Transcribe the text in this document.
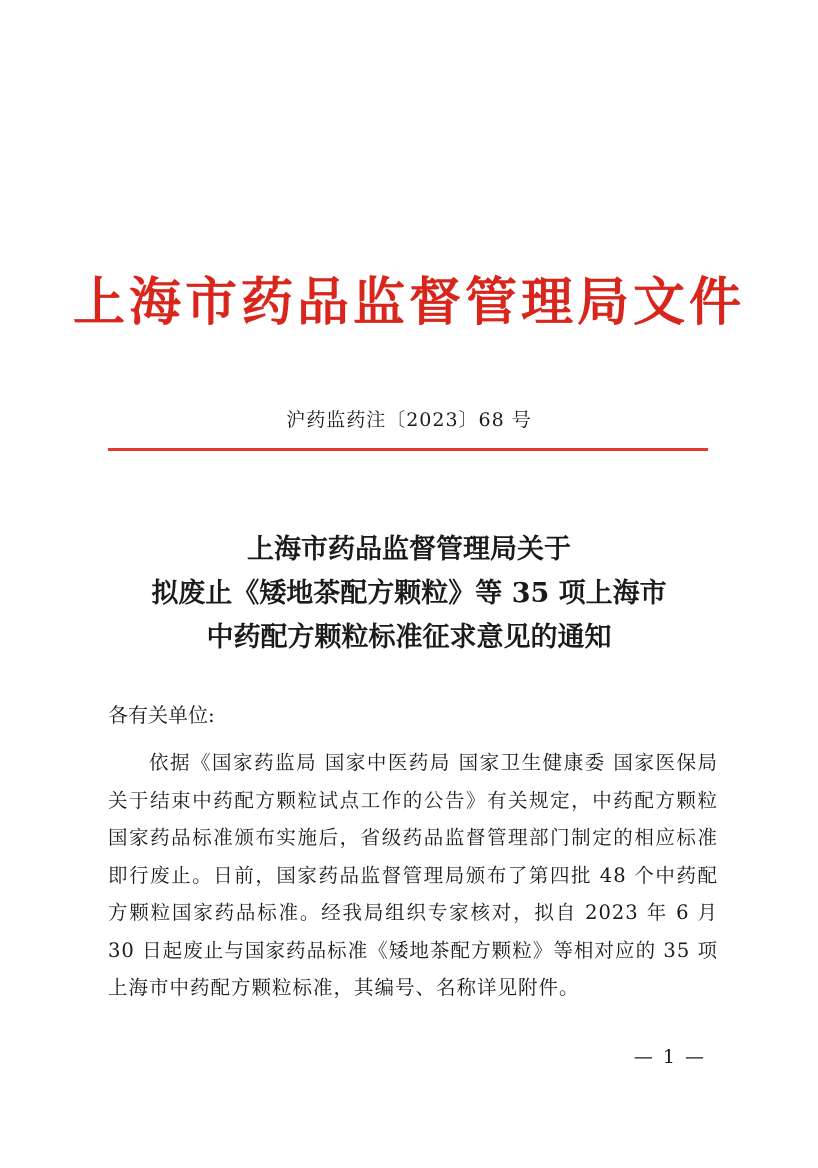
上海市药品监督管理局文件
沪药监药注〔2023〕68 号
上海市药品监督管理局关于
拟废止《矮地茶配方颗粒》等 35 项上海市
中药配方颗粒标准征求意见的通知
各有关单位:

依据《国家药监局 国家中医药局 国家卫生健康委 国家医保局关于结束中药配方颗粒试点工作的公告》有关规定，中药配方颗粒国家药品标准颁布实施后，省级药品监督管理部门制定的相应标准即行废止。日前，国家药品监督管理局颁布了第四批 48 个中药配方颗粒国家药品标准。经我局组织专家核对，拟自 2023 年 6 月 30 日起废止与国家药品标准《矮地茶配方颗粒》等相对应的 35 项上海市中药配方颗粒标准，其编号、名称详见附件。

— 1 —
